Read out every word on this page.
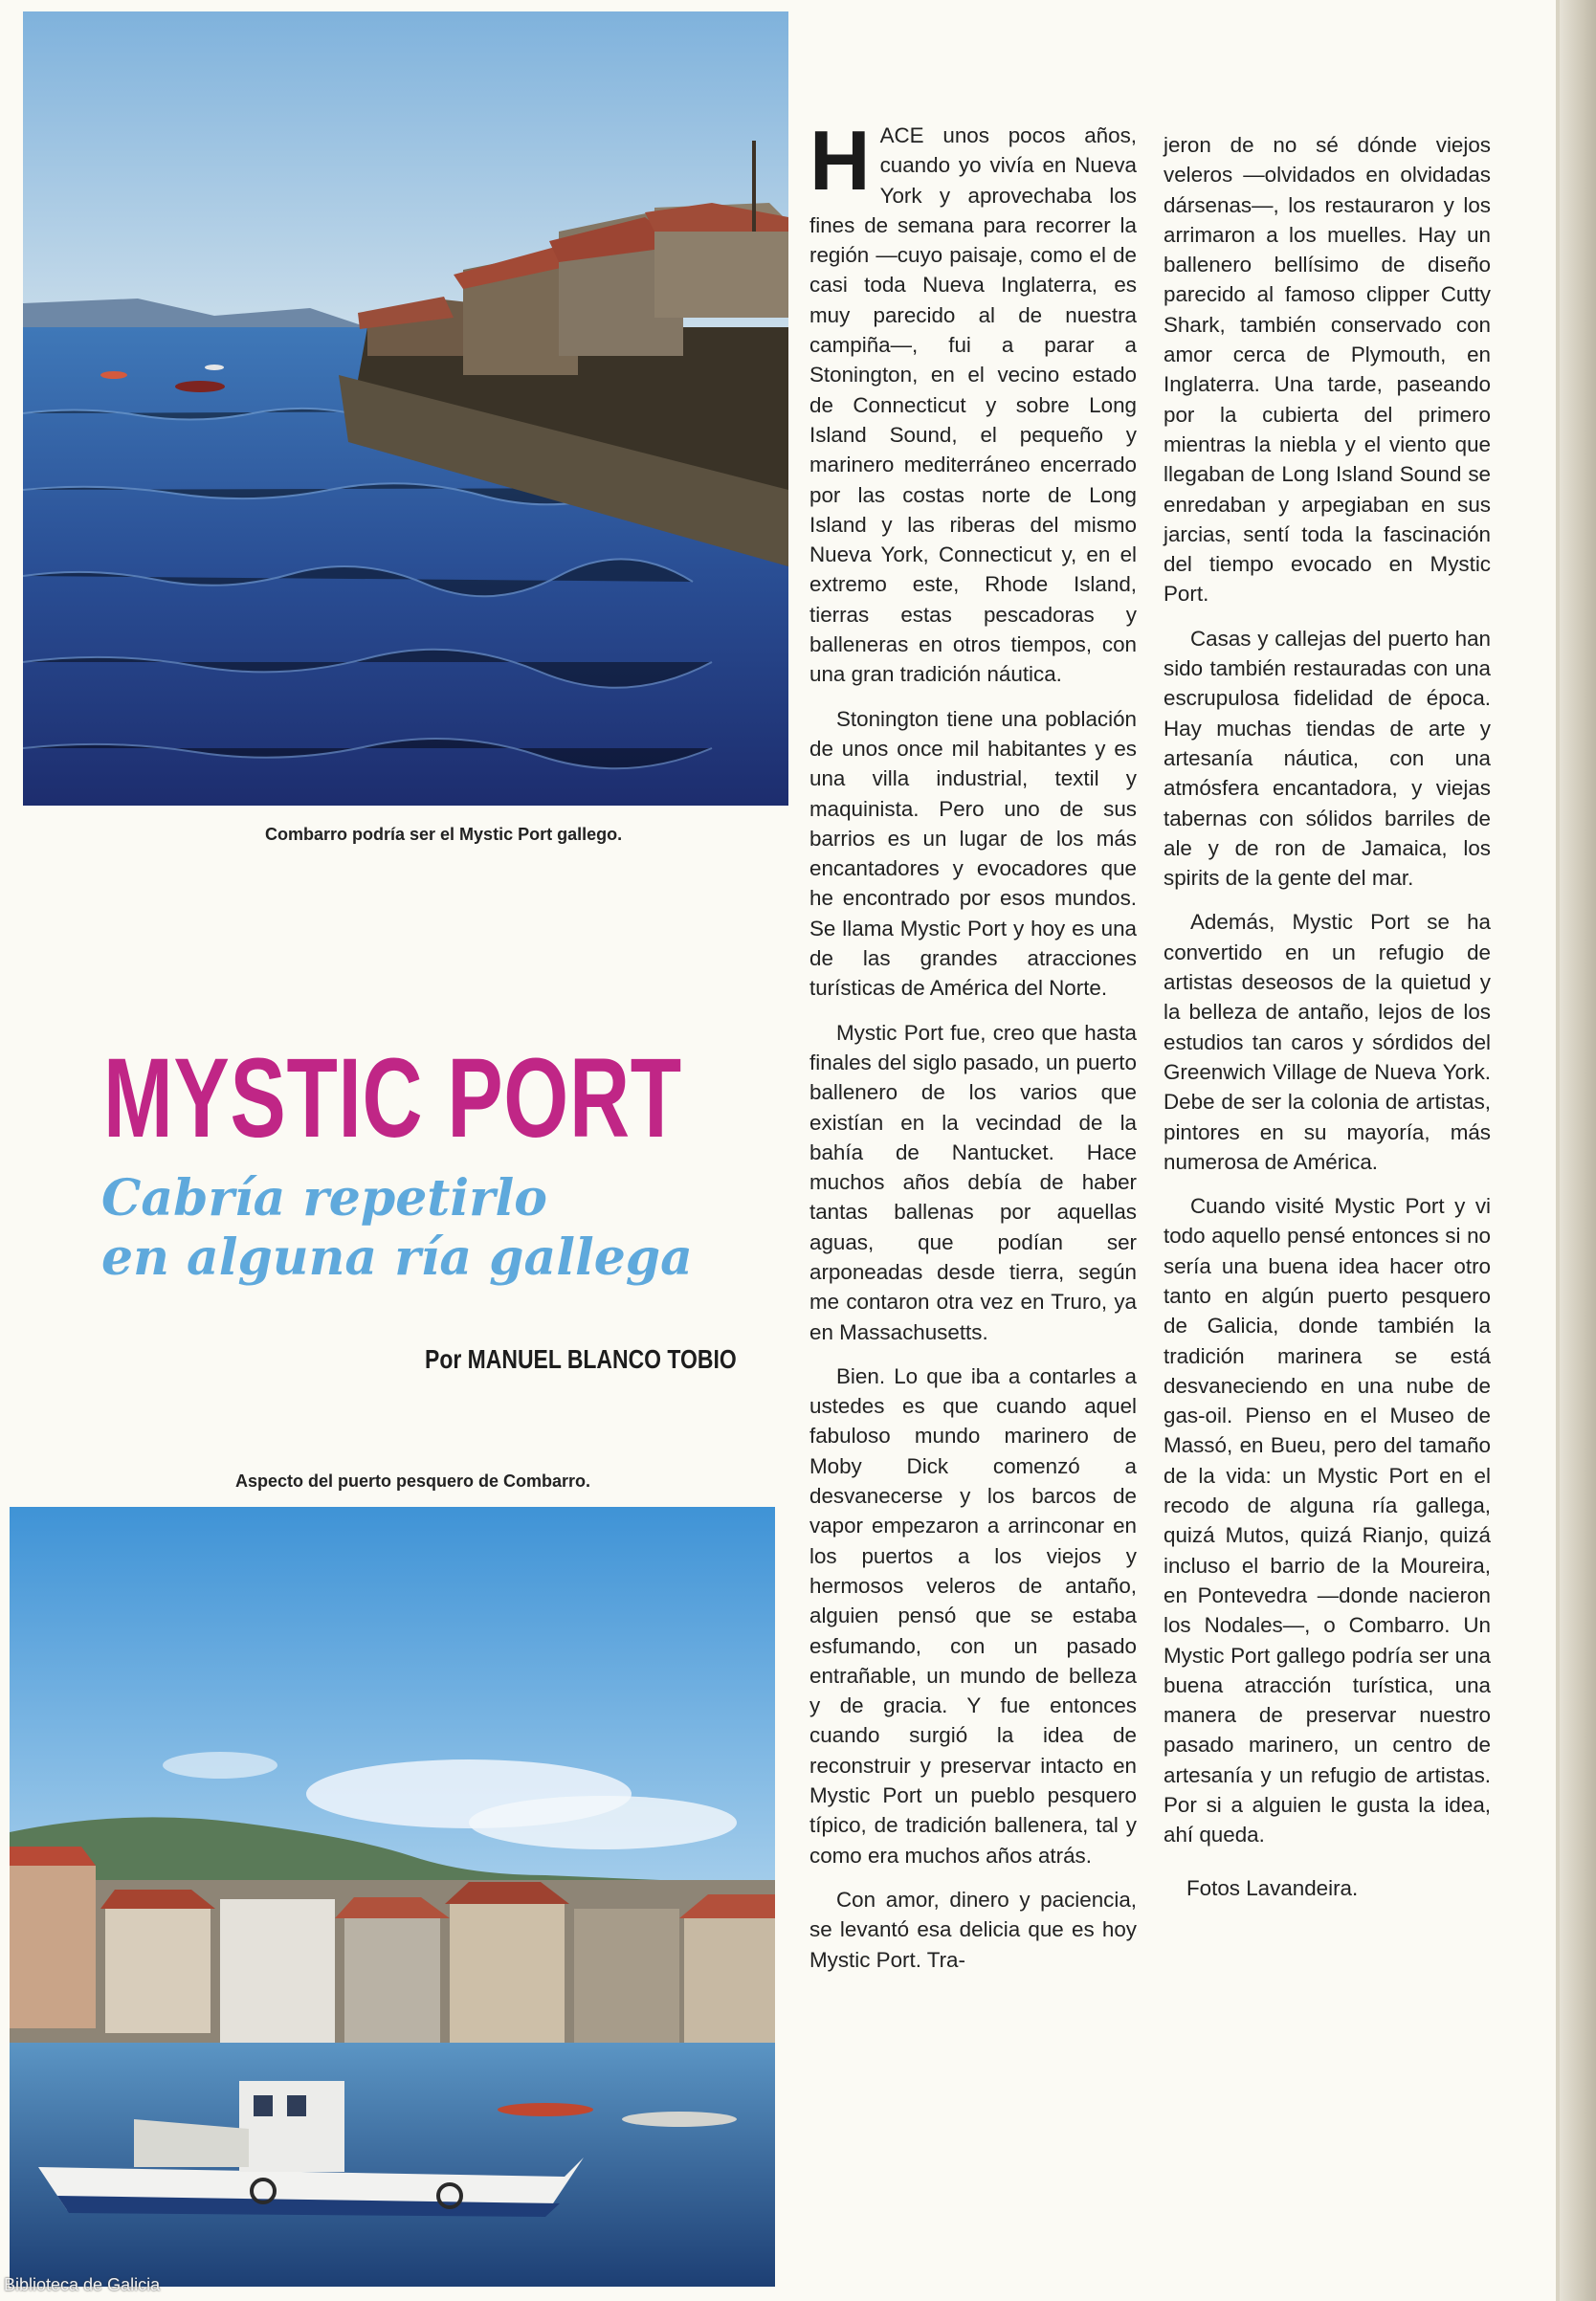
Combarro podría ser el Mystic Port gallego.
MYSTIC PORT
Cabría repetirlo
en alguna ría gallega
Por MANUEL BLANCO TOBIO
Aspecto del puerto pesquero de Combarro.

HACE unos pocos años, cuando yo vivía en Nueva York y aprovechaba los fines de semana para recorrer la región —cuyo paisaje, como el de casi toda Nueva Inglaterra, es muy parecido al de nuestra campiña—, fui a parar a Stonington, en el vecino estado de Connecticut y sobre Long Island Sound, el pequeño y marinero mediterráneo encerrado por las costas norte de Long Island y las riberas del mismo Nueva York, Connecticut y, en el extremo este, Rhode Island, tierras estas pescadoras y balleneras en otros tiempos, con una gran tradición náutica.

Stonington tiene una población de unos once mil habitantes y es una villa industrial, textil y maquinista. Pero uno de sus barrios es un lugar de los más encantadores y evocadores que he encontrado por esos mundos. Se llama Mystic Port y hoy es una de las grandes atracciones turísticas de América del Norte.

Mystic Port fue, creo que hasta finales del siglo pasado, un puerto ballenero de los varios que existían en la vecindad de la bahía de Nantucket. Hace muchos años debía de haber tantas ballenas por aquellas aguas, que podían ser arponeadas desde tierra, según me contaron otra vez en Truro, ya en Massachusetts.

Bien. Lo que iba a contarles a ustedes es que cuando aquel fabuloso mundo marinero de Moby Dick comenzó a desvanecerse y los barcos de vapor empezaron a arrinconar en los puertos a los viejos y hermosos veleros de antaño, alguien pensó que se estaba esfumando, con un pasado entrañable, un mundo de belleza y de gracia. Y fue entonces cuando surgió la idea de reconstruir y preservar intacto en Mystic Port un pueblo pesquero típico, de tradición ballenera, tal y como era muchos años atrás.

Con amor, dinero y paciencia, se levantó esa delicia que es hoy Mystic Port. Tra-

jeron de no sé dónde viejos veleros —olvidados en olvidadas dársenas—, los restauraron y los arrimaron a los muelles. Hay un ballenero bellísimo de diseño parecido al famoso clipper Cutty Shark, también conservado con amor cerca de Plymouth, en Inglaterra. Una tarde, paseando por la cubierta del primero mientras la niebla y el viento que llegaban de Long Island Sound se enredaban y arpegiaban en sus jarcias, sentí toda la fascinación del tiempo evocado en Mystic Port.

Casas y callejas del puerto han sido también restauradas con una escrupulosa fidelidad de época. Hay muchas tiendas de arte y artesanía náutica, con una atmósfera encantadora, y viejas tabernas con sólidos barriles de ale y de ron de Jamaica, los spirits de la gente del mar.

Además, Mystic Port se ha convertido en un refugio de artistas deseosos de la quietud y la belleza de antaño, lejos de los estudios tan caros y sórdidos del Greenwich Village de Nueva York. Debe de ser la colonia de artistas, pintores en su mayoría, más numerosa de América.

Cuando visité Mystic Port y vi todo aquello pensé entonces si no sería una buena idea hacer otro tanto en algún puerto pesquero de Galicia, donde también la tradición marinera se está desvaneciendo en una nube de gas-oil. Pienso en el Museo de Massó, en Bueu, pero del tamaño de la vida: un Mystic Port en el recodo de alguna ría gallega, quizá Mutos, quizá Rianjo, quizá incluso el barrio de la Moureira, en Pontevedra —donde nacieron los Nodales—, o Combarro. Un Mystic Port gallego podría ser una buena atracción turística, una manera de preservar nuestro pasado marinero, un centro de artesanía y un refugio de artistas. Por si a alguien le gusta la idea, ahí queda.

Fotos Lavandeira.

Biblioteca de Galicia
